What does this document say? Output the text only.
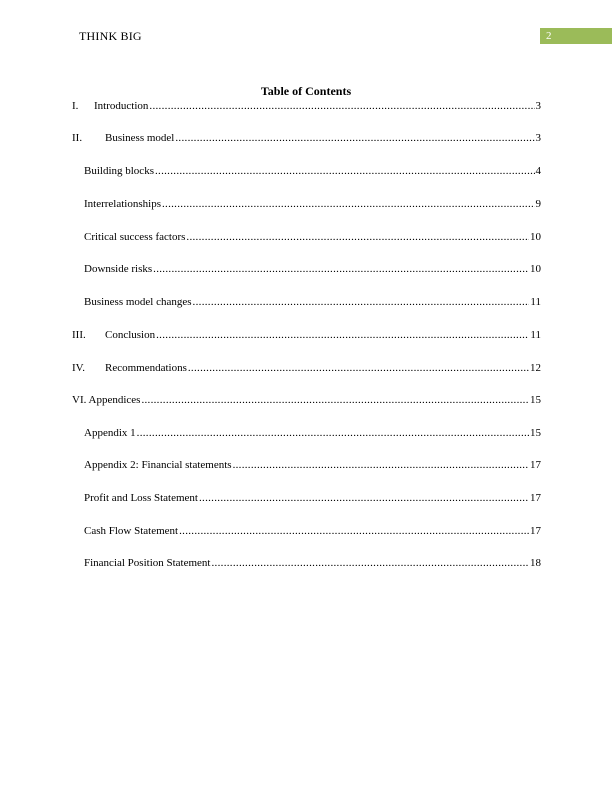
THINK BIG	2
Table of Contents
I.	Introduction .....	3
II.	Business model .....	3
Building blocks .....	4
Interrelationships .....	9
Critical success factors .....	10
Downside risks .....	10
Business model changes .....	11
III.	Conclusion .....	11
IV.	Recommendations .....	12
VI. Appendices .....	15
Appendix 1 .....	15
Appendix 2: Financial statements .....	17
Profit and Loss Statement .....	17
Cash Flow Statement .....	17
Financial Position Statement .....	18
